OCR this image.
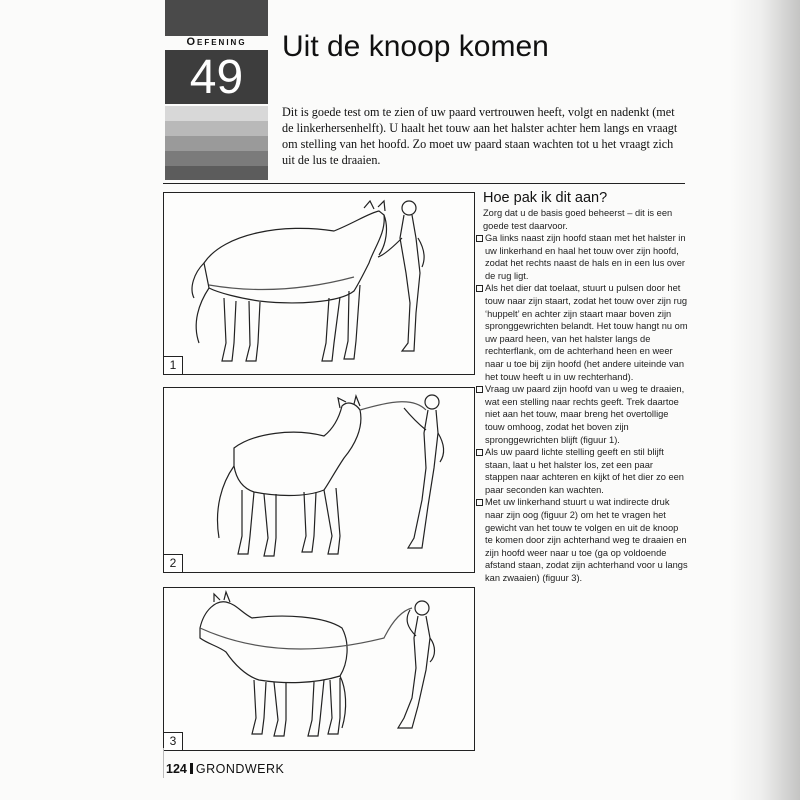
Oefening
49
Uit de knoop komen
Dit is goede test om te zien of uw paard vertrouwen heeft, volgt en nadenkt (met de linkerhersenhelft). U haalt het touw aan het halster achter hem langs en vraagt om stelling van het hoofd. Zo moet uw paard staan wachten tot u het vraagt zich uit de lus te draaien.
1
2
3
Hoe pak ik dit aan?
Zorg dat u de basis goed beheerst – dit is een goede test daarvoor.
Ga links naast zijn hoofd staan met het halster in uw linkerhand en haal het touw over zijn hoofd, zodat het rechts naast de hals en in een lus over de rug ligt.
Als het dier dat toelaat, stuurt u pulsen door het touw naar zijn staart, zodat het touw over zijn rug ‘huppelt’ en achter zijn staart maar boven zijn spronggewrichten belandt. Het touw hangt nu om uw paard heen, van het halster langs de rechterflank, om de achterhand heen en weer naar u toe bij zijn hoofd (het andere uiteinde van het touw heeft u in uw rechterhand).
Vraag uw paard zijn hoofd van u weg te draaien, wat een stelling naar rechts geeft. Trek daartoe niet aan het touw, maar breng het overtollige touw omhoog, zodat het boven zijn spronggewrichten blijft (figuur 1).
Als uw paard lichte stelling geeft en stil blijft staan, laat u het halster los, zet een paar stappen naar achteren en kijkt of het dier zo een paar seconden kan wachten.
Met uw linkerhand stuurt u wat indirecte druk naar zijn oog (figuur 2) om het te vragen het gewicht van het touw te volgen en uit de knoop te komen door zijn achterhand weg te draaien en zijn hoofd weer naar u toe (ga op voldoende afstand staan, zodat zijn achterhand voor u langs kan zwaaien) (figuur 3).
124 GRONDWERK
